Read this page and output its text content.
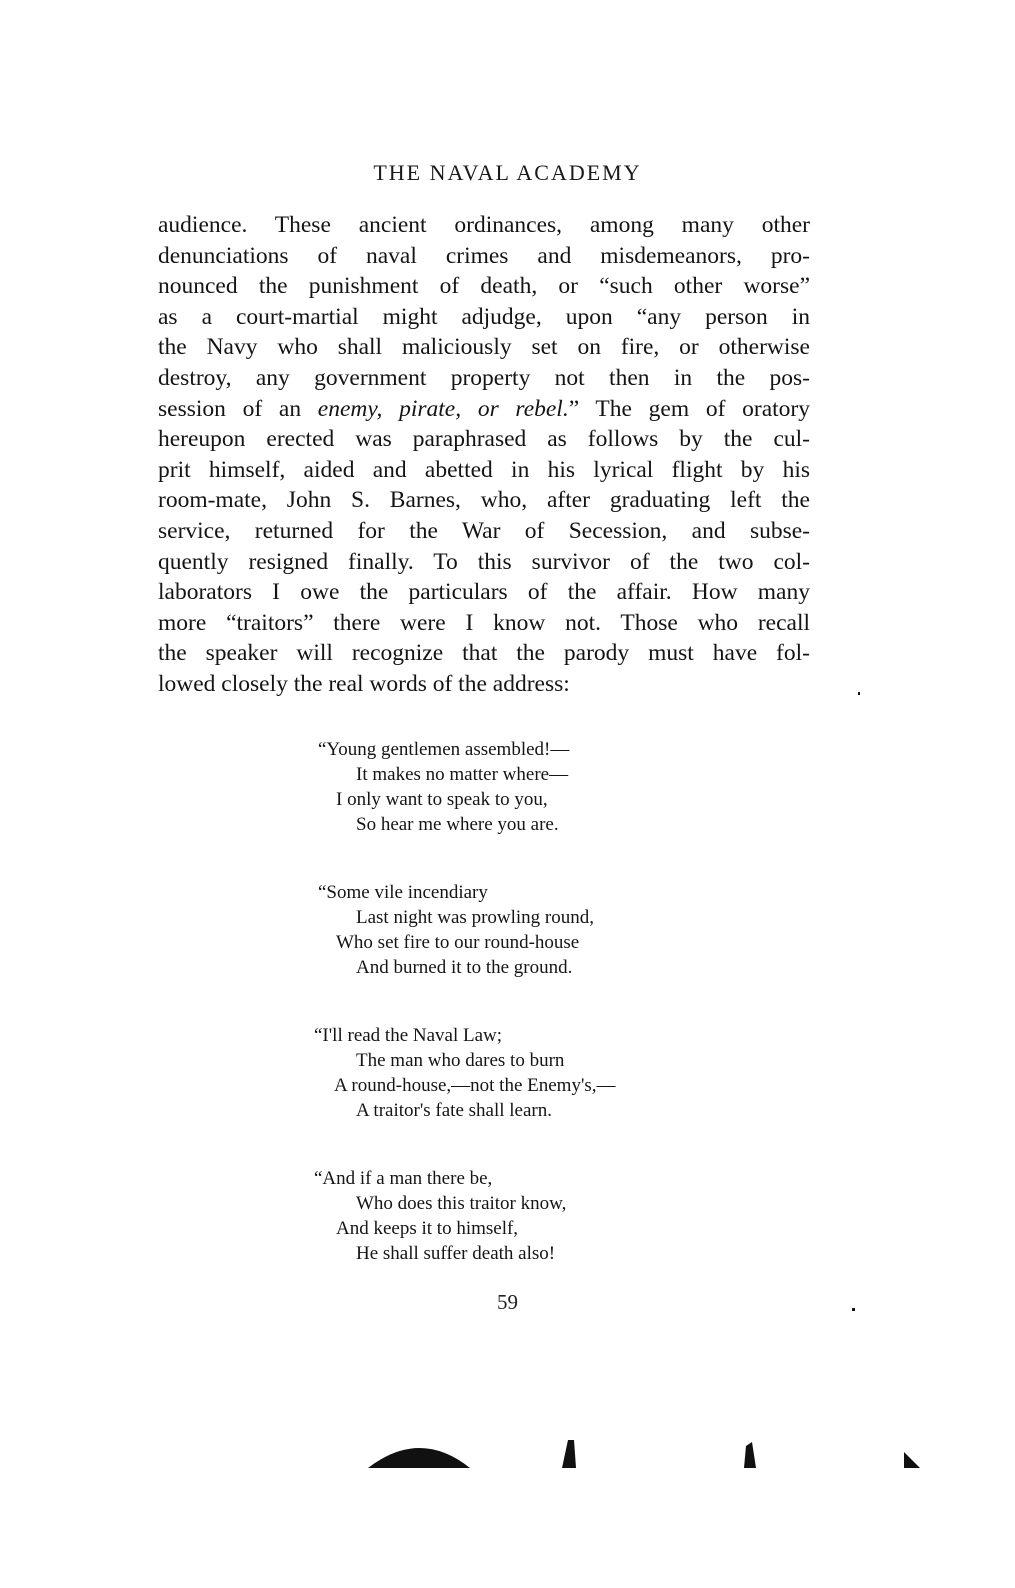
THE NAVAL ACADEMY
audience. These ancient ordinances, among many other
denunciations of naval crimes and misdemeanors, pro-
nounced the punishment of death, or “such other worse”
as a court-martial might adjudge, upon “any person in
the Navy who shall maliciously set on fire, or otherwise
destroy, any government property not then in the pos-
session of an enemy, pirate, or rebel.” The gem of oratory
hereupon erected was paraphrased as follows by the cul-
prit himself, aided and abetted in his lyrical flight by his
room-mate, John S. Barnes, who, after graduating left the
service, returned for the War of Secession, and subse-
quently resigned finally. To this survivor of the two col-
laborators I owe the particulars of the affair. How many
more “traitors” there were I know not. Those who recall
the speaker will recognize that the parody must have fol-
lowed closely the real words of the address:
“Young gentlemen assembled!—
It makes no matter where—
I only want to speak to you,
So hear me where you are.
“Some vile incendiary
Last night was prowling round,
Who set fire to our round-house
And burned it to the ground.
“I'll read the Naval Law;
The man who dares to burn
A round-house,—not the Enemy's,—
A traitor's fate shall learn.
“And if a man there be,
Who does this traitor know,
And keeps it to himself,
He shall suffer death also!
59
